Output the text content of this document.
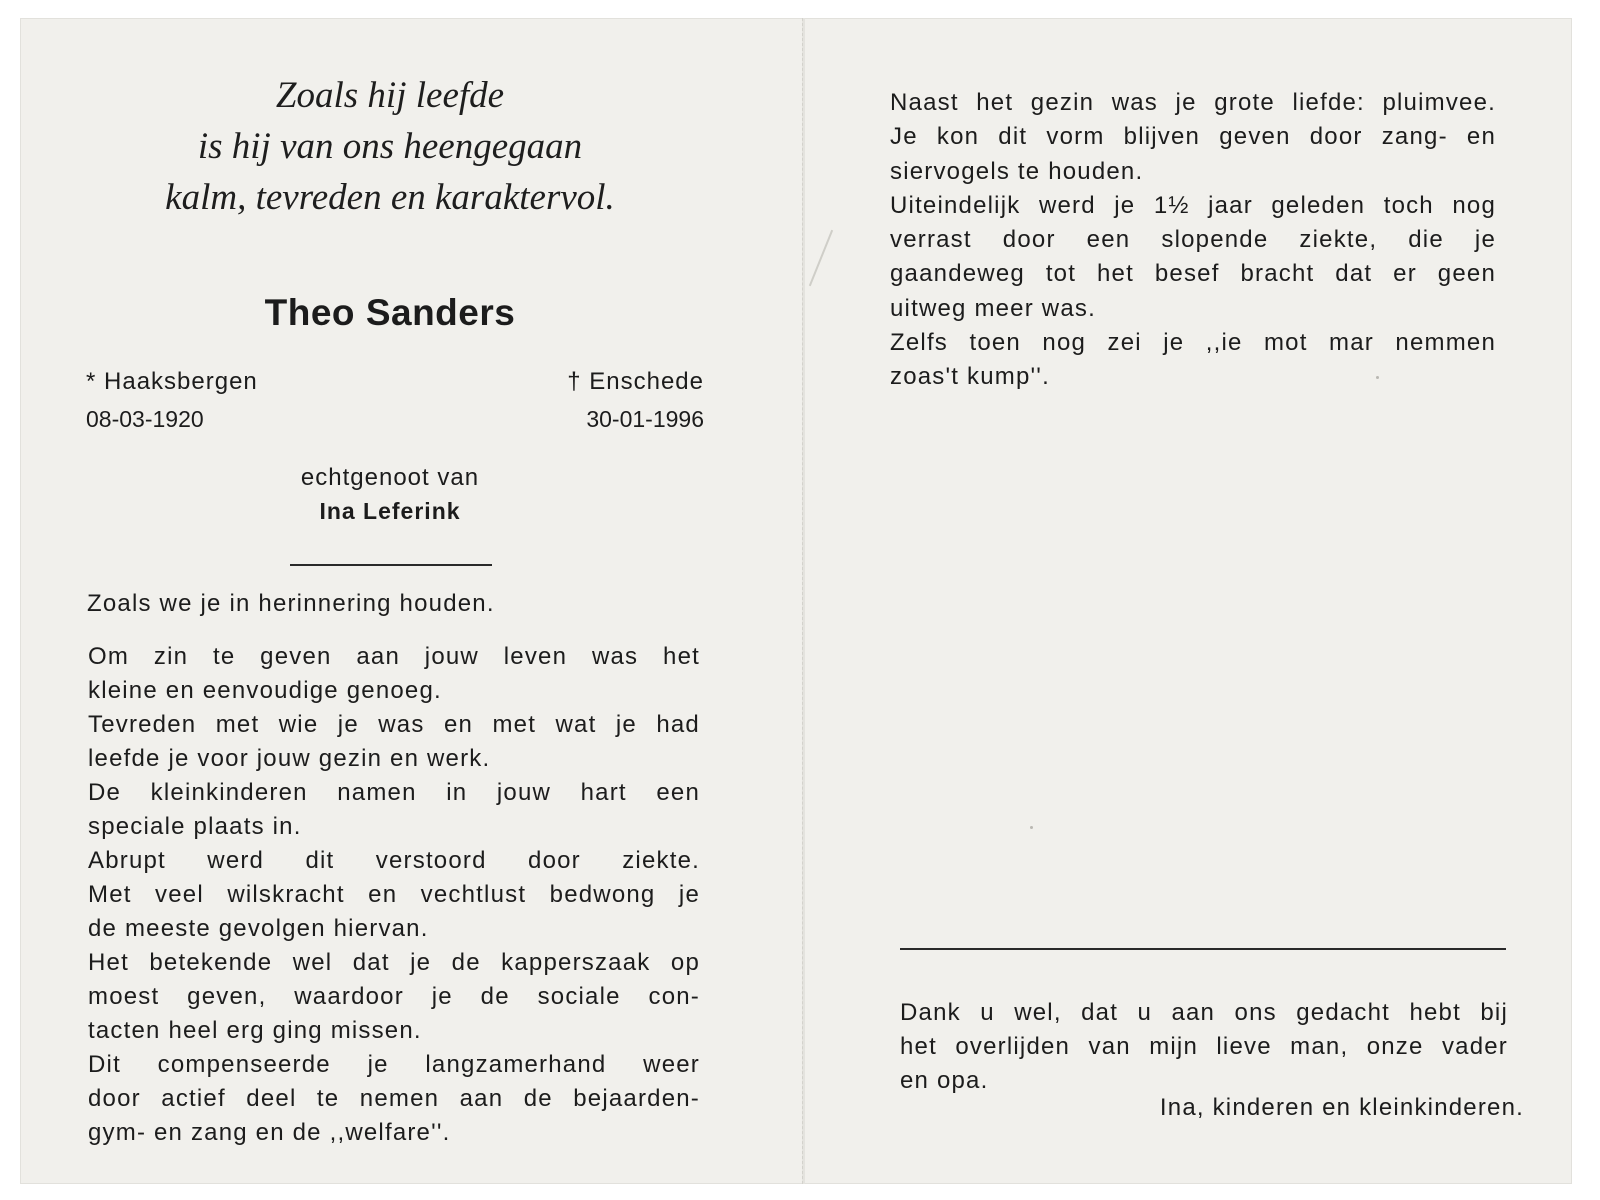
Zoals hij leefde
is hij van ons heengegaan
kalm, tevreden en karaktervol.
Theo Sanders
* Haaksbergen
08-03-1920
† Enschede
30-01-1996
echtgenoot van
Ina Leferink
Zoals we je in herinnering houden.
Om zin te geven aan jouw leven was het
kleine en eenvoudige genoeg.
Tevreden met wie je was en met wat je had
leefde je voor jouw gezin en werk.
De kleinkinderen namen in jouw hart een
speciale plaats in.
Abrupt werd dit verstoord door ziekte.
Met veel wilskracht en vechtlust bedwong je
de meeste gevolgen hiervan.
Het betekende wel dat je de kapperszaak op
moest geven, waardoor je de sociale con-
tacten heel erg ging missen.
Dit compenseerde je langzamerhand weer
door actief deel te nemen aan de bejaarden-
gym- en zang en de ,,welfare''.
Naast het gezin was je grote liefde: pluimvee.
Je kon dit vorm blijven geven door zang- en
siervogels te houden.
Uiteindelijk werd je 1½ jaar geleden toch nog
verrast door een slopende ziekte, die je
gaandeweg tot het besef bracht dat er geen
uitweg meer was.
Zelfs toen nog zei je ,,ie mot mar nemmen
zoas't kump''.
Dank u wel, dat u aan ons gedacht hebt bij
het overlijden van mijn lieve man, onze vader
en opa.
Ina, kinderen en kleinkinderen.
